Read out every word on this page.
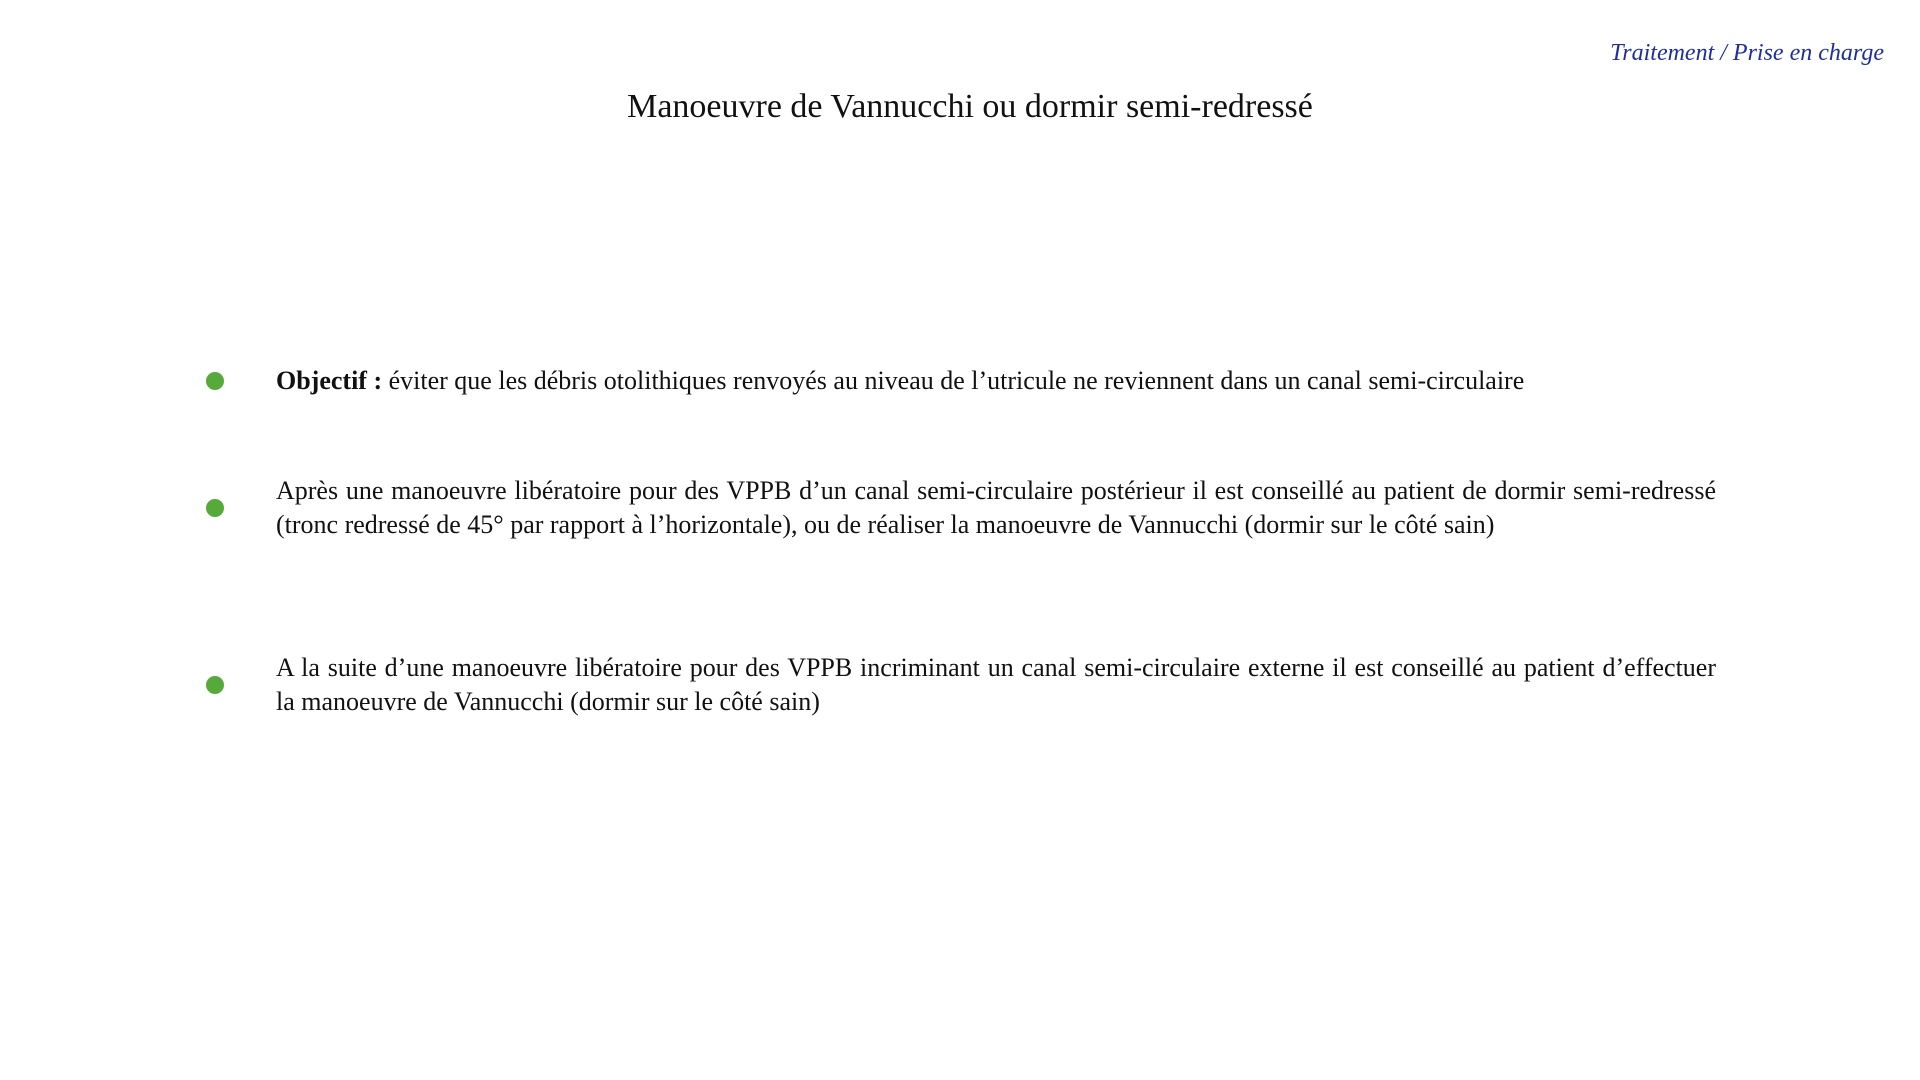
Traitement / Prise en charge
Manoeuvre de Vannucchi ou dormir semi-redressé
Objectif : éviter que les débris otolithiques renvoyés au niveau de l’utricule ne reviennent dans un canal semi-circulaire
Après une manoeuvre libératoire pour des VPPB d’un canal semi-circulaire postérieur il est conseillé au patient de dormir semi-redressé (tronc redressé de 45° par rapport à l’horizontale), ou de réaliser la manoeuvre de Vannucchi (dormir sur le côté sain)
A la suite d’une manoeuvre libératoire pour des VPPB incriminant un canal semi-circulaire externe il est conseillé au patient d’effectuer la manoeuvre de Vannucchi (dormir sur le côté sain)
